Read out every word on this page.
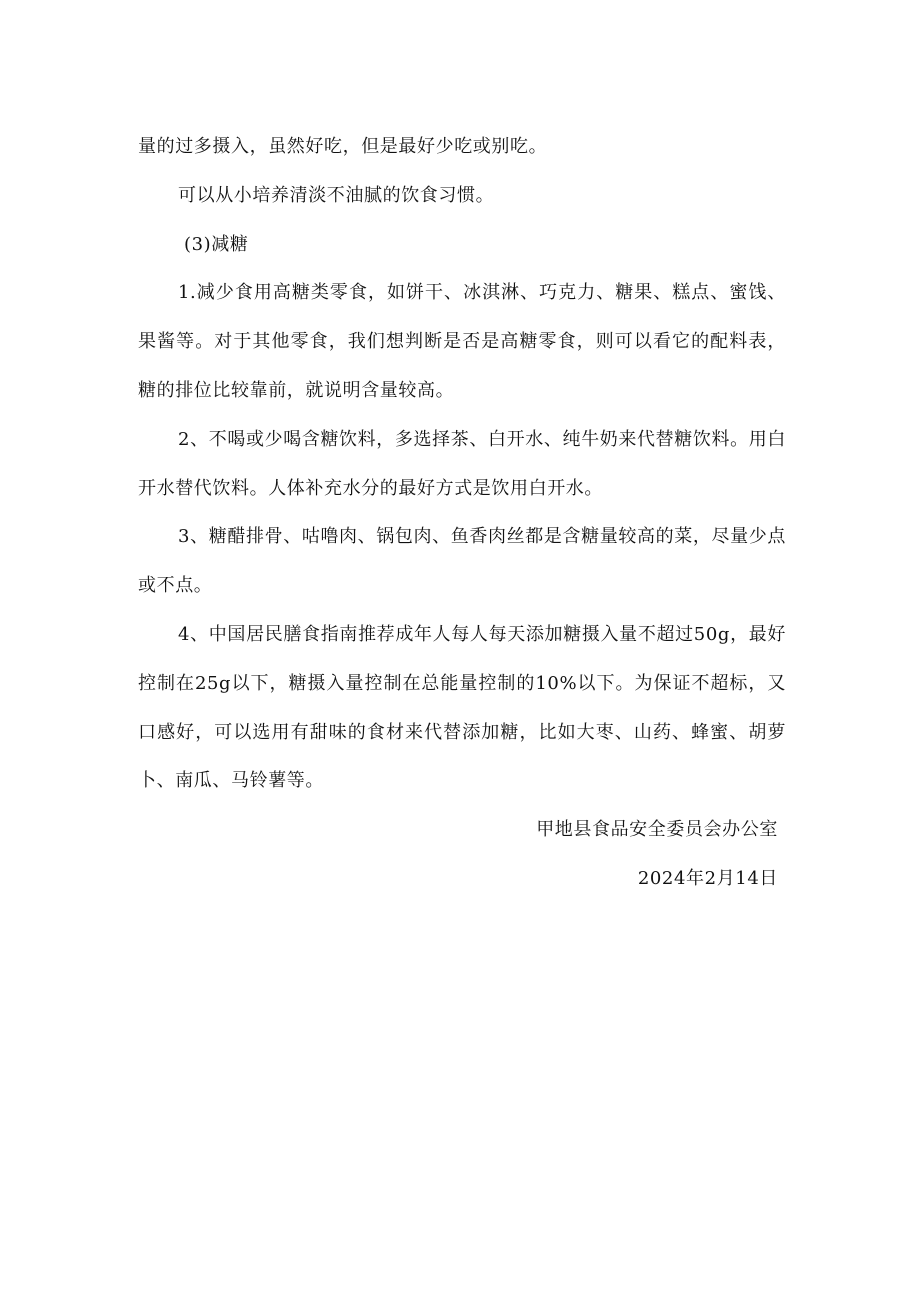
量的过多摄入，虽然好吃，但是最好少吃或别吃。

可以从小培养清淡不油腻的饮食习惯。

(3)减糖

1.减少食用高糖类零食，如饼干、冰淇淋、巧克力、糖果、糕点、蜜饯、果酱等。对于其他零食，我们想判断是否是高糖零食，则可以看它的配料表，糖的排位比较靠前，就说明含量较高。

2、不喝或少喝含糖饮料，多选择茶、白开水、纯牛奶来代替糖饮料。用白开水替代饮料。人体补充水分的最好方式是饮用白开水。

3、糖醋排骨、咕噜肉、锅包肉、鱼香肉丝都是含糖量较高的菜，尽量少点或不点。

4、中国居民膳食指南推荐成年人每人每天添加糖摄入量不超过50g，最好控制在25g以下，糖摄入量控制在总能量控制的10%以下。为保证不超标，又口感好，可以选用有甜味的食材来代替添加糖，比如大枣、山药、蜂蜜、胡萝卜、南瓜、马铃薯等。

甲地县食品安全委员会办公室

2024年2月14日
